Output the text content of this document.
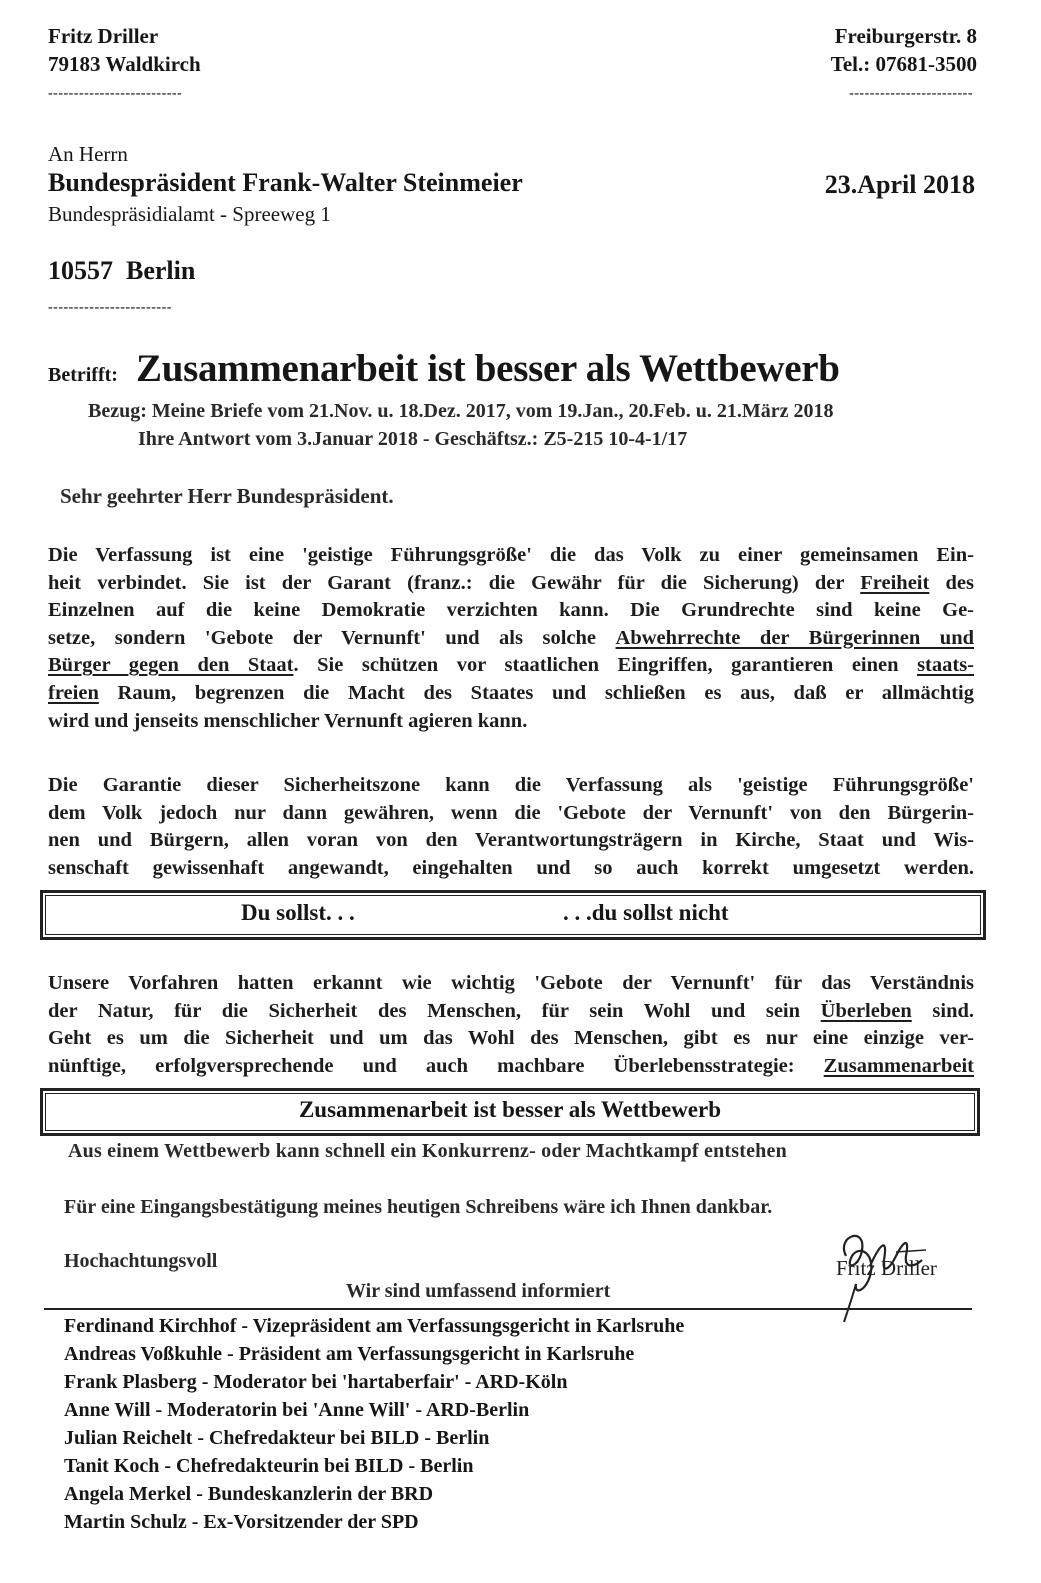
Fritz Driller
79183 Waldkirch
--------------------------
Freiburgerstr. 8
Tel.: 07681-3500
------------------------
An Herrn
Bundespräsident Frank-Walter Steinmeier
Bundespräsidialamt - Spreeweg 1
10557  Berlin
------------------------
23.April 2018
Betrifft: Zusammenarbeit ist besser als Wettbewerb
Bezug: Meine Briefe vom 21.Nov. u. 18.Dez. 2017, vom 19.Jan., 20.Feb. u. 21.März 2018
Ihre Antwort vom 3.Januar 2018 - Geschäftsz.: Z5-215 10-4-1/17
Sehr geehrter Herr Bundespräsident.
Die Verfassung ist eine 'geistige Führungsgröße' die das Volk zu einer gemeinsamen Ein-
heit verbindet. Sie ist der Garant (franz.: die Gewähr für die Sicherung) der Freiheit des
Einzelnen auf die keine Demokratie verzichten kann. Die Grundrechte sind keine Ge-
setze, sondern 'Gebote der Vernunft' und als solche Abwehrrechte der Bürgerinnen und
Bürger gegen den Staat. Sie schützen vor staatlichen Eingriffen, garantieren einen staats-
freien Raum, begrenzen die Macht des Staates und schließen es aus, daß er allmächtig
wird und jenseits menschlicher Vernunft agieren kann.
Die Garantie dieser Sicherheitszone kann die Verfassung als 'geistige Führungsgröße'
dem Volk jedoch nur dann gewähren, wenn die 'Gebote der Vernunft' von den Bürgerin-
nen und Bürgern, allen voran von den Verantwortungsträgern in Kirche, Staat und Wis-
senschaft gewissenhaft angewandt, eingehalten und so auch korrekt umgesetzt werden.
Du sollst. . .	. . .du sollst nicht
Unsere Vorfahren hatten erkannt wie wichtig 'Gebote der Vernunft' für das Verständnis
der Natur, für die Sicherheit des Menschen, für sein Wohl und sein Überleben sind.
Geht es um die Sicherheit und um das Wohl des Menschen, gibt es nur eine einzige ver-
nünftige, erfolgversprechende und auch machbare Überlebensstrategie: Zusammenarbeit
Zusammenarbeit ist besser als Wettbewerb
Aus einem Wettbewerb kann schnell ein Konkurrenz- oder Machtkampf entstehen
Für eine Eingangsbestätigung meines heutigen Schreibens wäre ich Ihnen dankbar.
Hochachtungsvoll	Fritz Driller
Wir sind umfassend informiert
Ferdinand Kirchhof - Vizepräsident am Verfassungsgericht in Karlsruhe
Andreas Voßkuhle - Präsident am Verfassungsgericht in Karlsruhe
Frank Plasberg - Moderator bei 'hartaberfair' - ARD-Köln
Anne Will - Moderatorin bei 'Anne Will' - ARD-Berlin
Julian Reichelt - Chefredakteur bei BILD - Berlin
Tanit Koch - Chefredakteurin bei BILD - Berlin
Angela Merkel - Bundeskanzlerin der BRD
Martin Schulz - Ex-Vorsitzender der SPD
